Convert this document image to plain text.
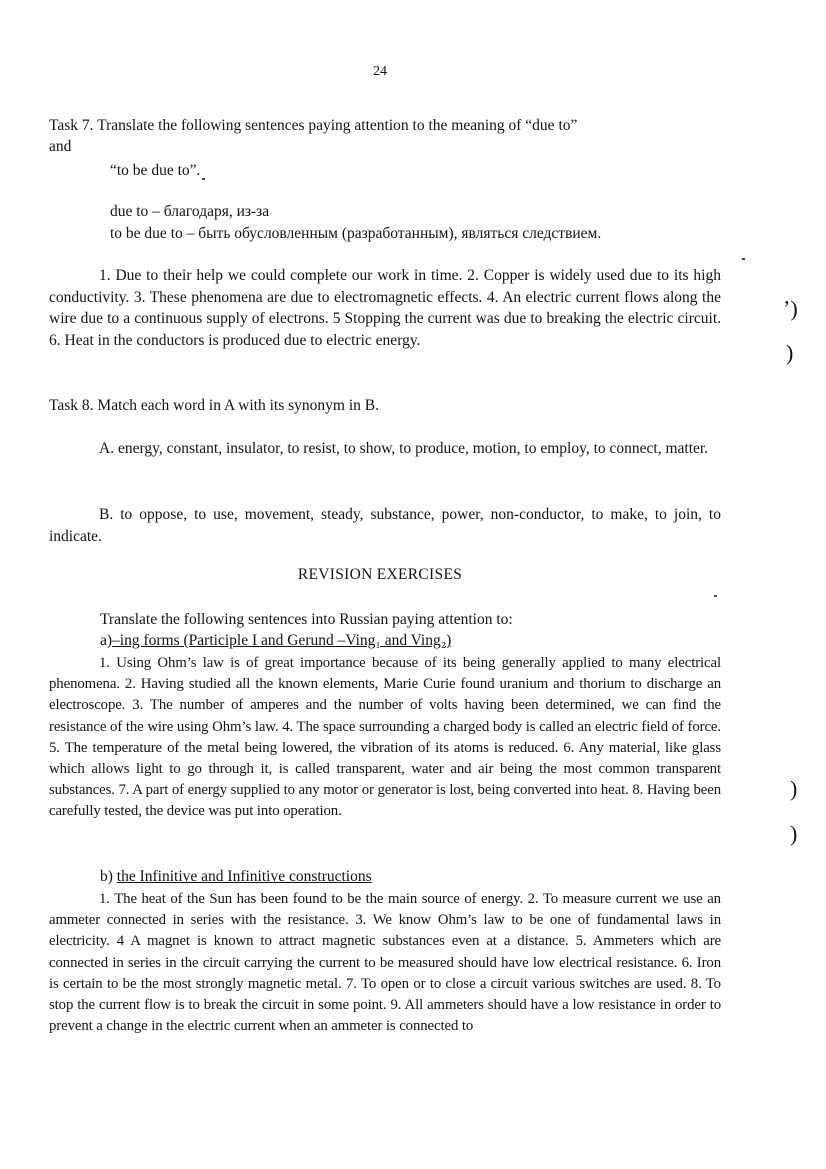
24
Task 7. Translate the following sentences paying attention to the meaning of “due to”
and
“to be due to”.
due to – благодаря, из-за
to be due to – быть обусловленным (разработанным), являться следствием.
1. Due to their help we could complete our work in time. 2. Copper is widely used due to its high conductivity. 3. These phenomena are due to electromagnetic effects. 4. An electric current flows along the wire due to a continuous supply of electrons. 5 Stopping the current was due to breaking the electric circuit. 6. Heat in the conductors is produced due to electric energy.
Task 8. Match each word in A with its synonym in B.
A. energy, constant, insulator, to resist, to show, to produce, motion, to employ, to connect, matter.
B. to oppose, to use, movement, steady, substance, power, non-conductor, to make, to join, to indicate.
REVISION EXERCISES
Translate the following sentences into Russian paying attention to:
a)–ing forms (Participle I and Gerund –Ving₁ and Ving₂)
1. Using Ohm’s law is of great importance because of its being generally applied to many electrical phenomena. 2. Having studied all the known elements, Marie Curie found uranium and thorium to discharge an electroscope. 3. The number of amperes and the number of volts having been determined, we can find the resistance of the wire using Ohm’s law. 4. The space surrounding a charged body is called an electric field of force. 5. The temperature of the metal being lowered, the vibration of its atoms is reduced. 6. Any material, like glass which allows light to go through it, is called transparent, water and air being the most common transparent substances. 7. A part of energy supplied to any motor or generator is lost, being converted into heat. 8. Having been carefully tested, the device was put into operation.
b) the Infinitive and Infinitive constructions
1. The heat of the Sun has been found to be the main source of energy. 2. To measure current we use an ammeter connected in series with the resistance. 3. We know Ohm’s law to be one of fundamental laws in electricity. 4 A magnet is known to attract magnetic substances even at a distance. 5. Ammeters which are connected in series in the circuit carrying the current to be measured should have low electrical resistance. 6. Iron is certain to be the most strongly magnetic metal. 7. To open or to close a circuit various switches are used. 8. To stop the current flow is to break the circuit in some point. 9. All ammeters should have a low resistance in order to prevent a change in the electric current when an ammeter is connected to
ʼ)
)
)
)
